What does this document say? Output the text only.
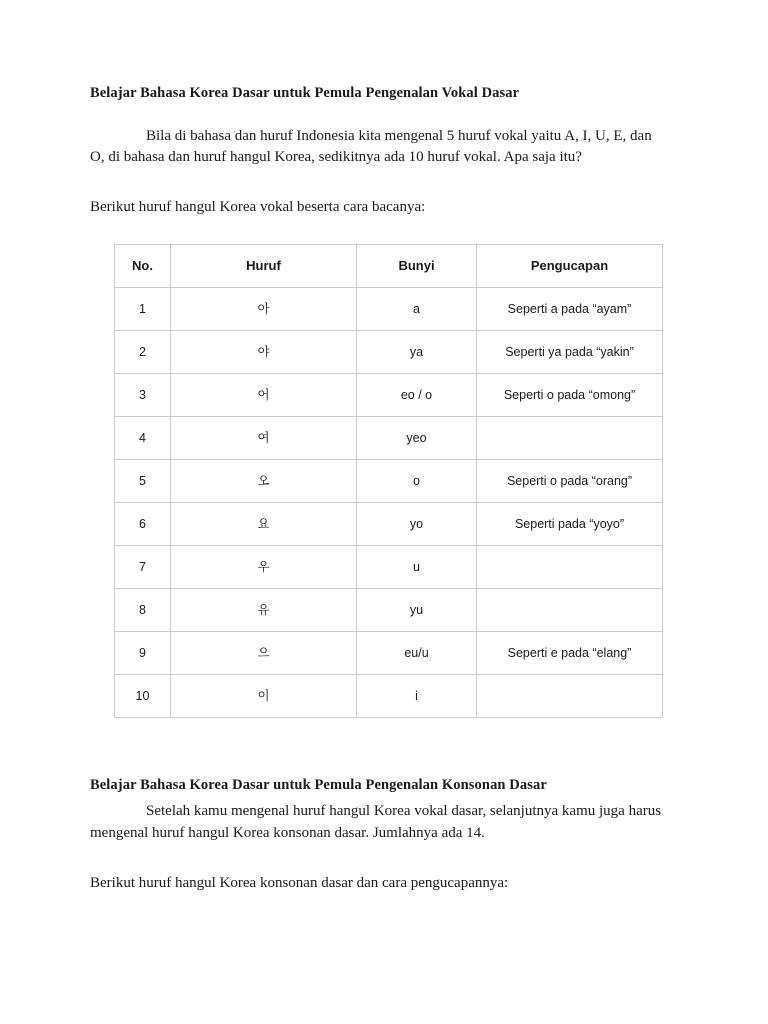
Belajar Bahasa Korea Dasar untuk Pemula Pengenalan Vokal Dasar

Bila di bahasa dan huruf Indonesia kita mengenal 5 huruf vokal yaitu A, I, U, E, dan O, di bahasa dan huruf hangul Korea, sedikitnya ada 10 huruf vokal. Apa saja itu?

Berikut huruf hangul Korea vokal beserta cara bacanya:

No.	Huruf	Bunyi	Pengucapan
1	아	a	Seperti a pada “ayam”
2	야	ya	Seperti ya pada “yakin”
3	어	eo / o	Seperti o pada “omong”
4	여	yeo	
5	오	o	Seperti o pada “orang”
6	요	yo	Seperti pada “yoyo”
7	우	u	
8	유	yu	
9	으	eu/u	Seperti e pada “elang”
10	이	i	
Belajar Bahasa Korea Dasar untuk Pemula Pengenalan Konsonan Dasar

Setelah kamu mengenal huruf hangul Korea vokal dasar, selanjutnya kamu juga harus mengenal huruf hangul Korea konsonan dasar. Jumlahnya ada 14.

Berikut huruf hangul Korea konsonan dasar dan cara pengucapannya:
